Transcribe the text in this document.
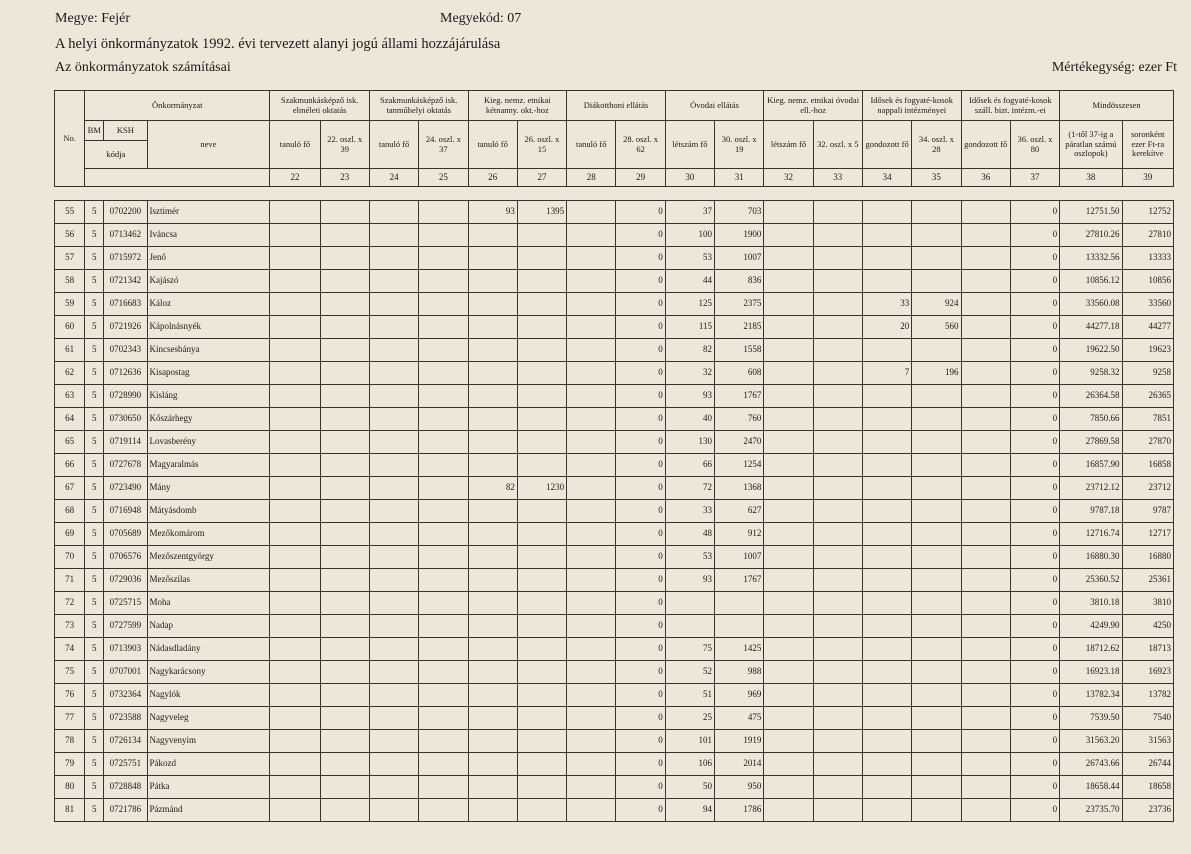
Megye: Fejér	Megyekód: 07
A helyi önkormányzatok 1992. évi tervezett alanyi jogú állami hozzájárulása
Az önkormányzatok számításai	Mértékegység: ezer Ft
No.	Önkormányzat			Szakmunkásképző isk. elméleti oktatás		Szakmunkásképző isk. tanműhelyi oktatás		Kieg. nemz. etnikai kétnanny. okt.-hoz		Diákotthoni ellátás		Óvodai ellátás		Kieg. nemz. etnikai óvodai ell.-hoz		Idősek és fogyaté-kosok nappali intézményei		Idősek és fogyaté-kosok száll. bizt. intézm.-ei		Mindösszesen	
	BM	KSH	neve	tanuló fő	22. oszl. x 39	tanuló fő	24. oszl. x 37	tanuló fő	26. oszl. x 15	tanuló fő	28. oszl. x 62	létszám fő	30. oszl. x 19	létszám fő	32. oszl. x 5	gondozott fő	34. oszl. x 28	gondozott fő	36. oszl. x 80	(1-től 37-ig a páratlan számú oszlopok)	soronként ezer Ft-ra kerekítve
	kódja																				
				22	23	24	25	26	27	28	29	30	31	32	33	34	35	36	37	38	39

55	5	0702200	Isztimér					93	1395		0	37	703						0	12751.50	12752
56	5	0713462	Iváncsa								0	100	1900						0	27810.26	27810
57	5	0715972	Jenő								0	53	1007						0	13332.56	13333
58	5	0721342	Kajászó								0	44	836						0	10856.12	10856
59	5	0716683	Káloz								0	125	2375			33	924		0	33560.08	33560
60	5	0721926	Kápolnásnyék								0	115	2185			20	560		0	44277.18	44277
61	5	0702343	Kincsesbánya								0	82	1558						0	19622.50	19623
62	5	0712636	Kisapostag								0	32	608			7	196		0	9258.32	9258
63	5	0728990	Kisláng								0	93	1767						0	26364.58	26365
64	5	0730650	Kőszárhegy								0	40	760						0	7850.66	7851
65	5	0719114	Lovasberény								0	130	2470						0	27869.58	27870
66	5	0727678	Magyaralmás								0	66	1254						0	16857.90	16858
67	5	0723490	Mány					82	1230		0	72	1368						0	23712.12	23712
68	5	0716948	Mátyásdomb								0	33	627						0	9787.18	9787
69	5	0705689	Mezőkomárom								0	48	912						0	12716.74	12717
70	5	0706576	Mezőszentgyörgy								0	53	1007						0	16880.30	16880
71	5	0729036	Mezőszilas								0	93	1767						0	25360.52	25361
72	5	0725715	Moha								0								0	3810.18	3810
73	5	0727599	Nadap								0								0	4249.90	4250
74	5	0713903	Nádasdladány								0	75	1425						0	18712.62	18713
75	5	0707001	Nagykarácsony								0	52	988						0	16923.18	16923
76	5	0732364	Nagylók								0	51	969						0	13782.34	13782
77	5	0723588	Nagyveleg								0	25	475						0	7539.50	7540
78	5	0726134	Nagyvenyim								0	101	1919						0	31563.20	31563
79	5	0725751	Pákozd								0	106	2014						0	26743.66	26744
80	5	0728848	Pátka								0	50	950						0	18658.44	18658
81	5	0721786	Pázmánd								0	94	1786						0	23735.70	23736
